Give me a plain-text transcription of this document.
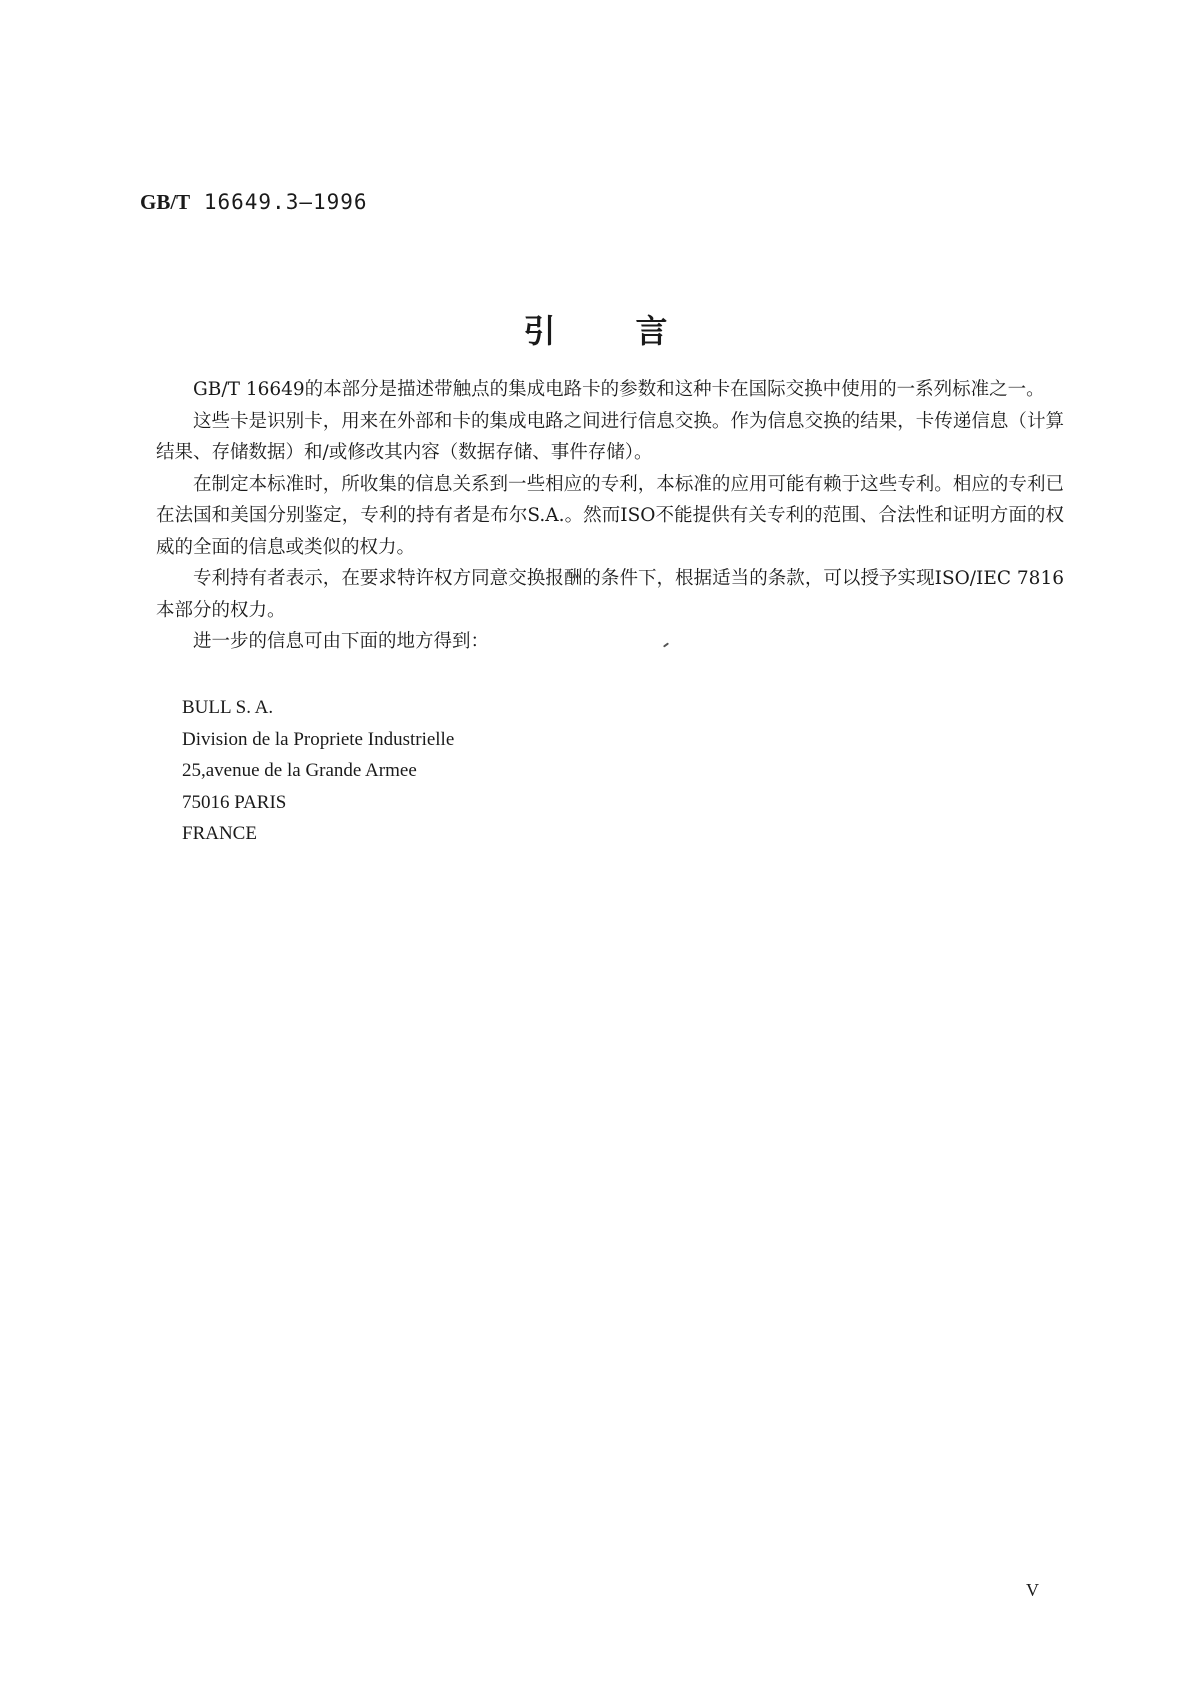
GB/T 16649.3—1996
引言

GB/T 16649的本部分是描述带触点的集成电路卡的参数和这种卡在国际交换中使用的一系列标准之一。

这些卡是识别卡，用来在外部和卡的集成电路之间进行信息交换。作为信息交换的结果，卡传递信息（计算结果、存储数据）和/或修改其内容（数据存储、事件存储）。

在制定本标准时，所收集的信息关系到一些相应的专利，本标准的应用可能有赖于这些专利。相应的专利已在法国和美国分别鉴定，专利的持有者是布尔S.A.。然而ISO不能提供有关专利的范围、合法性和证明方面的权威的全面的信息或类似的权力。

专利持有者表示，在要求特许权方同意交换报酬的条件下，根据适当的条款，可以授予实现ISO/IEC 7816本部分的权力。

进一步的信息可由下面的地方得到：

BULL S. A.
Division de la Propriete Industrielle
25,avenue de la Grande Armee
75016 PARIS
FRANCE
V
